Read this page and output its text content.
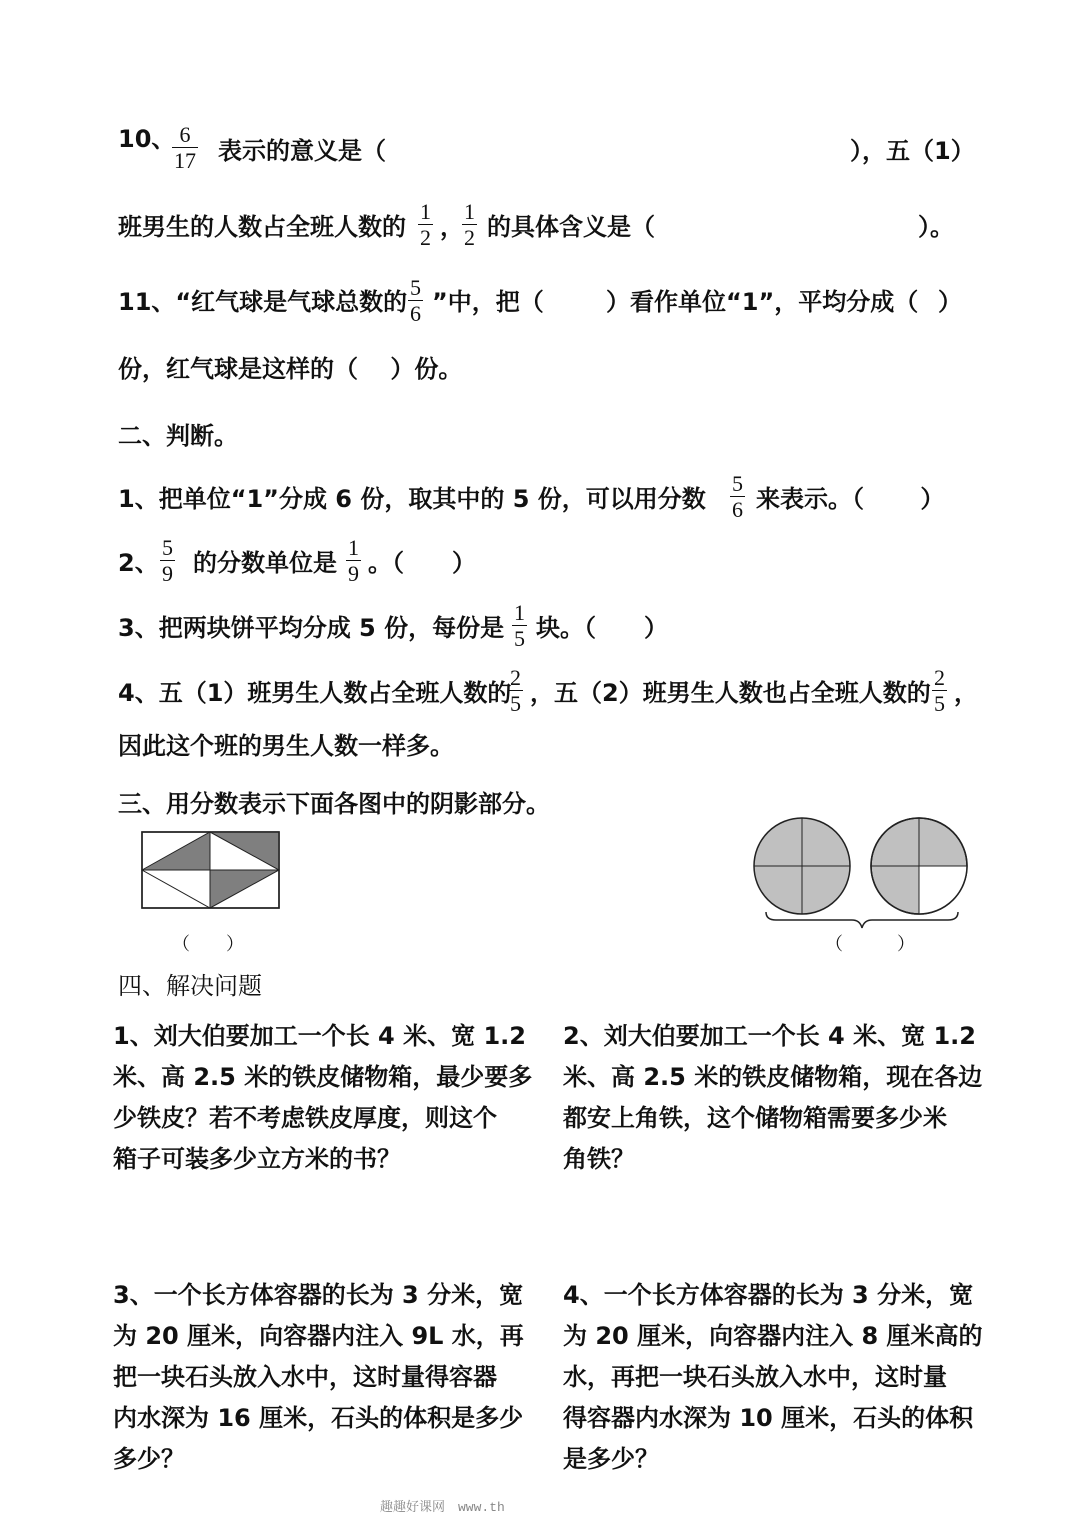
10、
$\frac{6}{17}$ 表示的意义是（	），五（1）
班男生的人数占全班人数的 $\frac{1}{2}$ ，
$\frac{1}{2}$ 的具体含义是（	）。
11、“红气球是气球总数的 $\frac{5}{6}$ ”中，把（	）看作单位“1”，平均分成（ ）
份，红气球是这样的（　 ）份。
二、判断。
1、把单位“1”分成 6 份，取其中的 5 份，可以用分数 $\frac{5}{6}$ 来表示。（　　 ）
2、 $\frac{5}{9}$ 的分数单位是 $\frac{1}{9}$ 。（　　）
3、把两块饼平均分成 5 份，每份是 $\frac{1}{5}$ 块。（　　）
4、五（1）班男生人数占全班人数的
$\frac{2}{5}$ ，五（2）班男生人数也占全班人数的 $\frac{2}{5}$ ，
因此这个班的男生人数一样多。
三、用分数表示下面各图中的阴影部分。
（　　）	（　　　）
四、解决问题

1、刘大伯要加工一个长 4 米、宽 1.2

米、高 2.5 米的铁皮储物箱，最少要多

少铁皮？若不考虑铁皮厚度，则这个

箱子可装多少立方米的书？

2、刘大伯要加工一个长 4 米、宽 1.2

米、高 2.5 米的铁皮储物箱，现在各边

都安上角铁，这个储物箱需要多少米

角铁？

3、一个长方体容器的长为 3 分米，宽

为 20 厘米，向容器内注入 9L 水，再

把一块石头放入水中，这时量得容器

内水深为 16 厘米，石头的体积是多少

多少？

4、一个长方体容器的长为 3 分米，宽

为 20 厘米，向容器内注入 8 厘米高的

水，再把一块石头放入水中，这时量

得容器内水深为 10 厘米，石头的体积

是多少？

趣趣好课网　www.th
